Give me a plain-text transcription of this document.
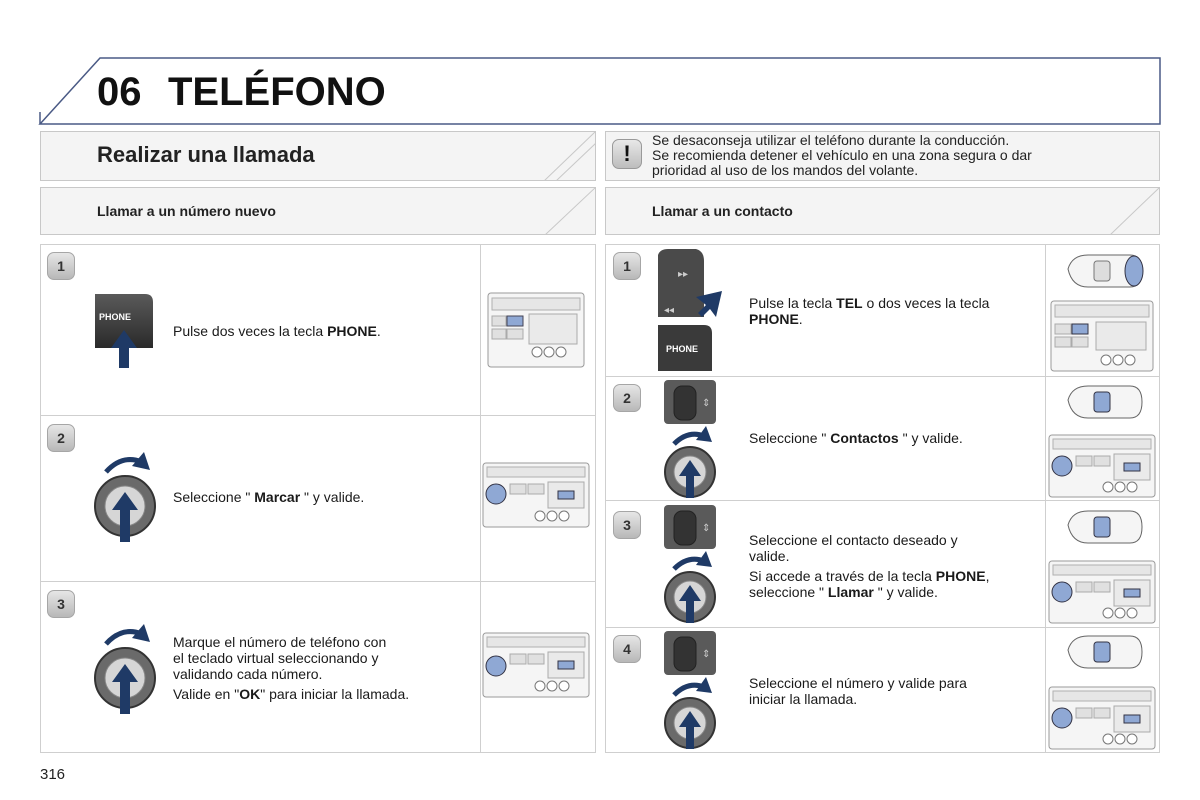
06 TELÉFONO
Realizar una llamada	!
Se desaconseja utilizar el teléfono durante la conducción.
Se recomienda detener el vehículo en una zona segura o dar
prioridad al uso de los mandos del volante.
Llamar a un número nuevo	Llamar a un contacto
1
PHONE
Pulse dos veces la tecla PHONE.
2
Seleccione " Marcar " y valide.
3
Marque el número de teléfono con
el teclado virtual seleccionando y
validando cada número.
Valide en "OK" para iniciar la llamada.
1
▸▸
◂◂
PHONE
Pulse la tecla TEL o dos veces la tecla
PHONE.
2	⇕
Seleccione " Contactos " y valide.
3	⇕
Seleccione el contacto deseado y
valide.
Si accede a través de la tecla PHONE,
seleccione " Llamar " y valide.
4	⇕
Seleccione el número y valide para
iniciar la llamada.
316
